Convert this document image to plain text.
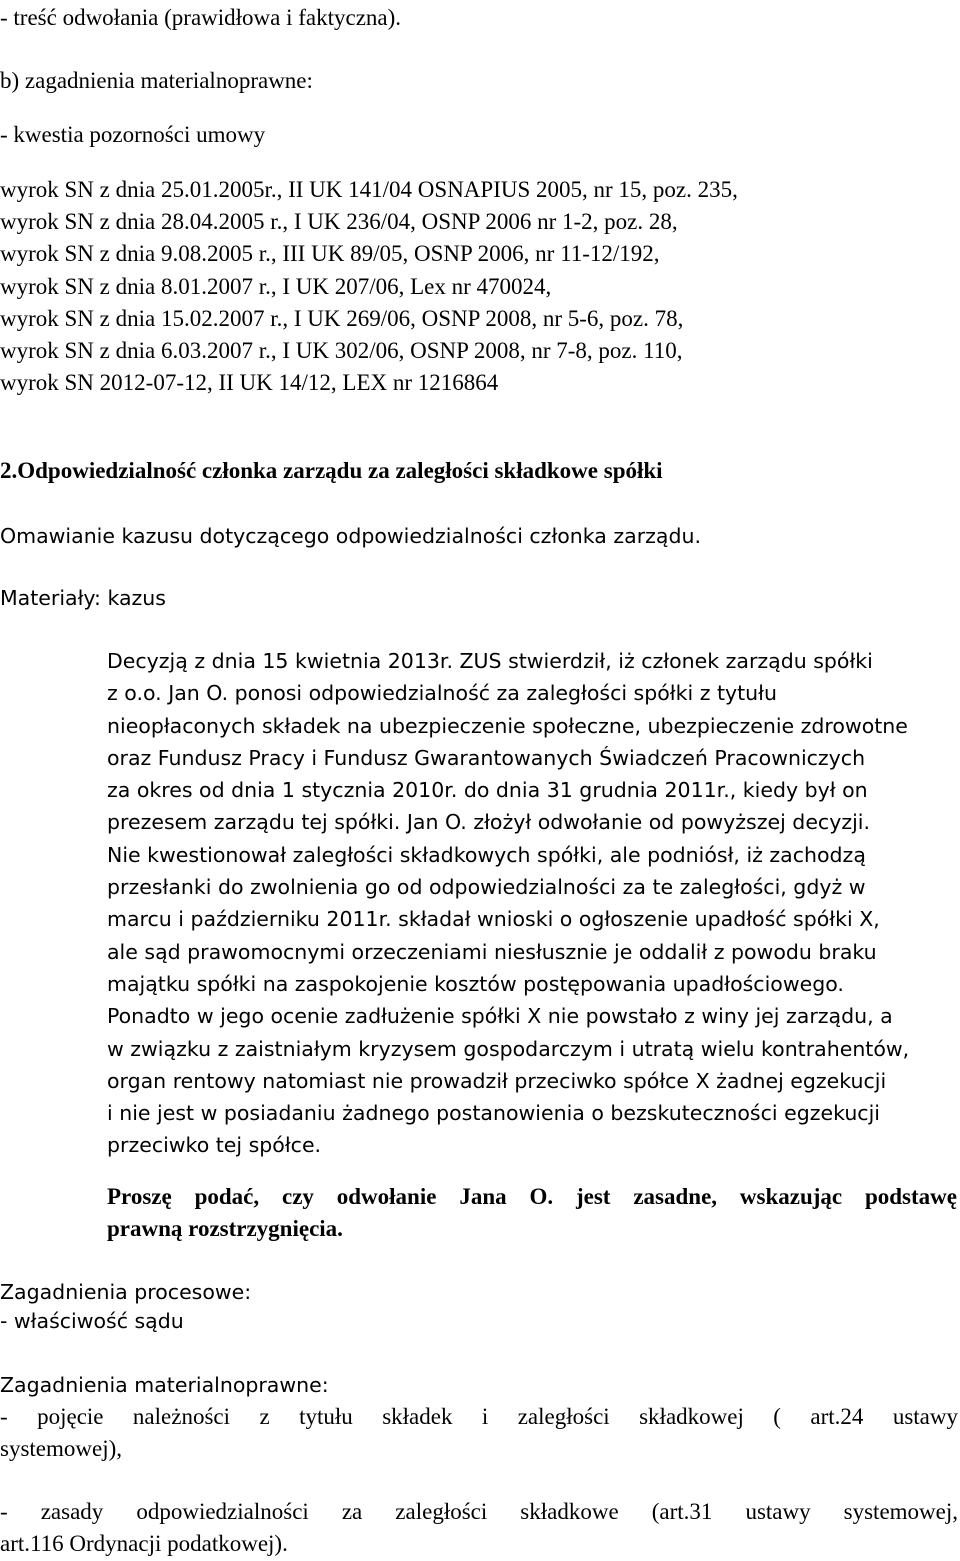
- treść odwołania (prawidłowa i faktyczna).
b) zagadnienia materialnoprawne:
- kwestia pozorności umowy
wyrok SN z dnia 25.01.2005r., II UK 141/04 OSNAPIUS 2005, nr 15, poz. 235,
wyrok SN z dnia 28.04.2005 r., I UK 236/04, OSNP 2006 nr 1-2, poz. 28,
wyrok SN z dnia 9.08.2005 r., III UK 89/05, OSNP 2006, nr 11-12/192,
wyrok SN z dnia 8.01.2007 r., I UK 207/06, Lex nr 470024,
wyrok SN z dnia 15.02.2007 r., I UK 269/06, OSNP 2008, nr 5-6, poz. 78,
wyrok SN z dnia 6.03.2007 r., I UK 302/06, OSNP 2008, nr 7-8, poz. 110,
wyrok SN 2012-07-12, II UK 14/12, LEX nr 1216864
2.Odpowiedzialność członka zarządu za zaległości składkowe spółki
Omawianie kazusu dotyczącego odpowiedzialności członka zarządu.
Materiały: kazus
Decyzją z dnia 15 kwietnia 2013r. ZUS stwierdził, iż członek zarządu spółki
z o.o. Jan O. ponosi odpowiedzialność za zaległości spółki z tytułu
nieopłaconych składek na ubezpieczenie społeczne, ubezpieczenie zdrowotne
oraz Fundusz Pracy i Fundusz Gwarantowanych Świadczeń Pracowniczych
za okres od dnia 1 stycznia 2010r. do dnia 31 grudnia 2011r., kiedy był on
prezesem zarządu tej spółki. Jan O. złożył odwołanie od powyższej decyzji.
Nie kwestionował zaległości składkowych spółki, ale podniósł, iż zachodzą
przesłanki do zwolnienia go od odpowiedzialności za te zaległości, gdyż w
marcu i październiku 2011r. składał wnioski o ogłoszenie upadłość spółki X,
ale sąd prawomocnymi orzeczeniami niesłusznie je oddalił z powodu braku
majątku spółki na zaspokojenie kosztów postępowania upadłościowego.
Ponadto w jego ocenie zadłużenie spółki X nie powstało z winy jej zarządu, a
w związku z zaistniałym kryzysem gospodarczym i utratą wielu kontrahentów,
organ rentowy natomiast nie prowadził przeciwko spółce X żadnej egzekucji
i nie jest w posiadaniu żadnego postanowienia o bezskuteczności egzekucji
przeciwko tej spółce.
Proszę podać, czy odwołanie Jana O. jest zasadne, wskazując podstawę
prawną rozstrzygnięcia.
Zagadnienia procesowe:
- właściwość sądu
Zagadnienia materialnoprawne:
- pojęcie należności z tytułu składek i zaległości składkowej ( art.24 ustawy
systemowej),
- zasady odpowiedzialności za zaległości składkowe (art.31 ustawy systemowej,
art.116 Ordynacji podatkowej).
